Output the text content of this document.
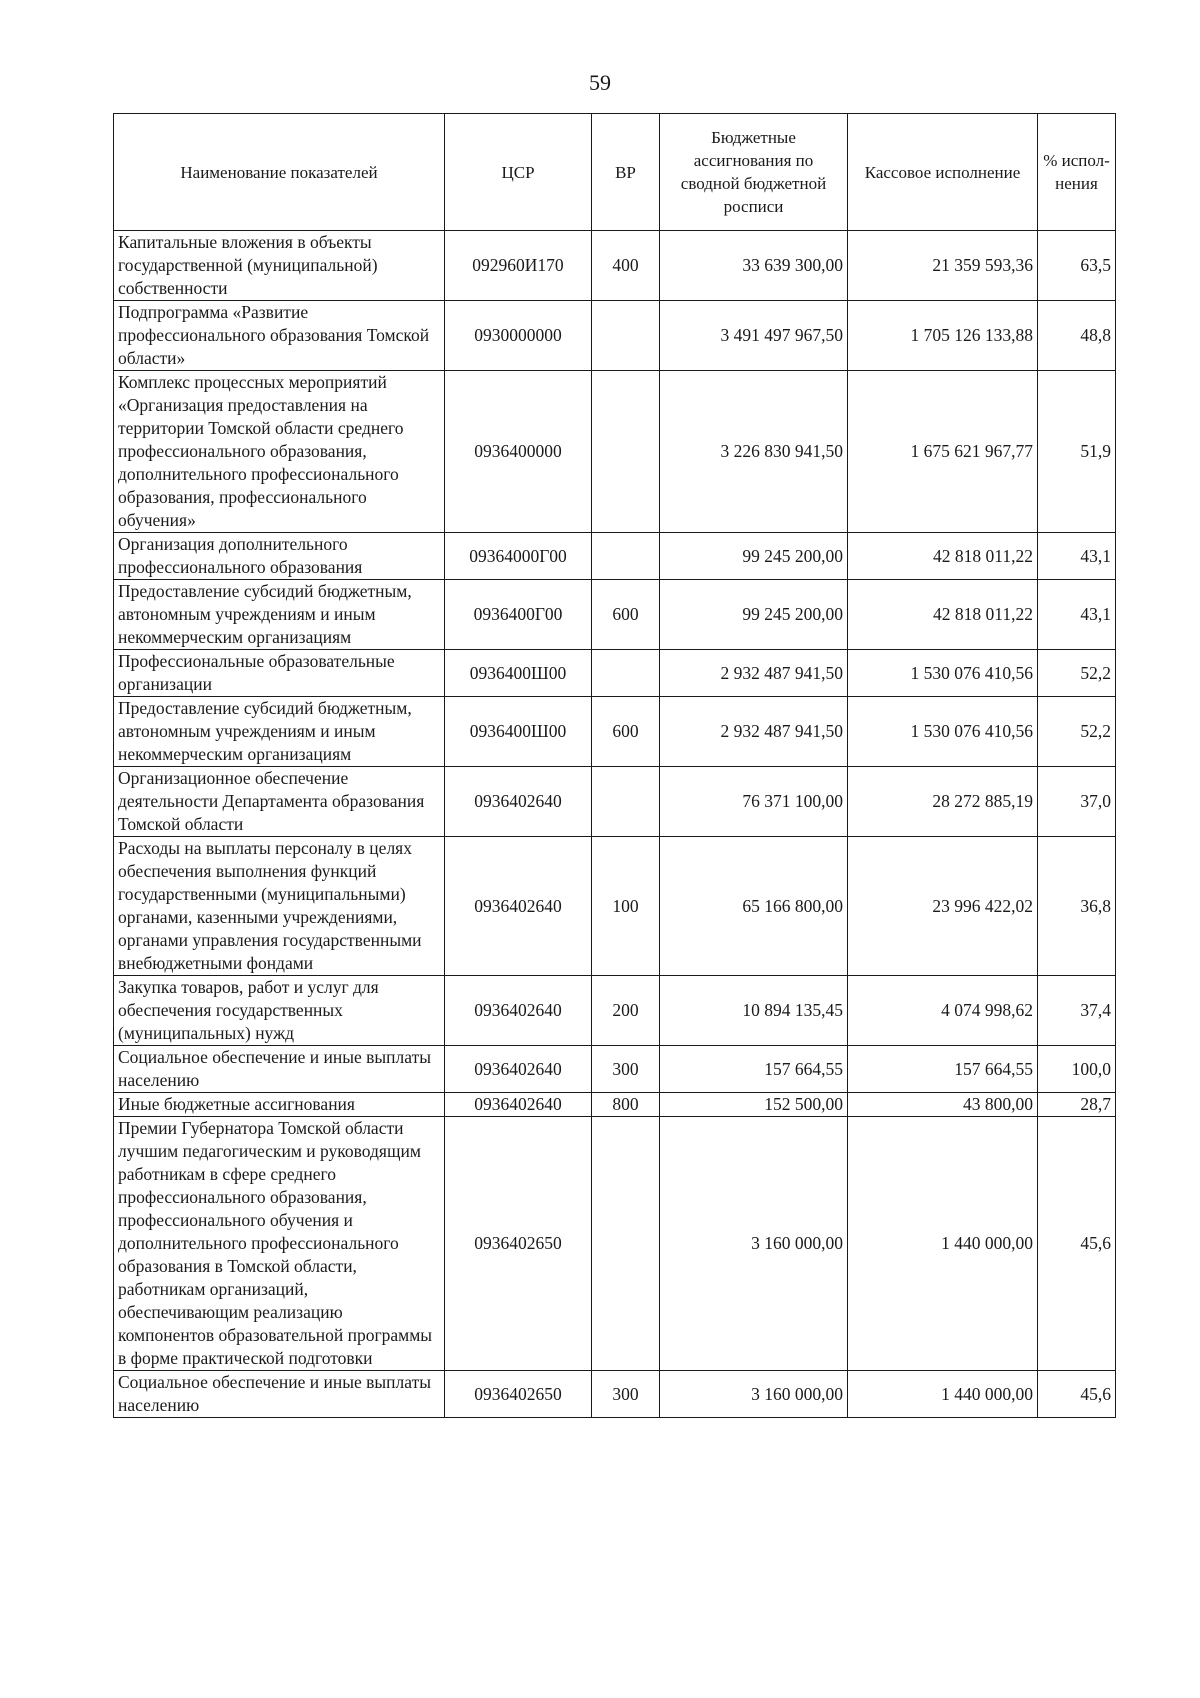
59
Наименование показателей	ЦСР	ВР	Бюджетные ассигнования по сводной бюджетной росписи	Кассовое исполнение	% испол-нения
Капитальные вложения в объекты государственной (муниципальной) собственности	092960И170	400	33 639 300,00	21 359 593,36	63,5
Подпрограмма «Развитие профессионального образования Томской области»	0930000000		3 491 497 967,50	1 705 126 133,88	48,8
Комплекс процессных мероприятий «Организация предоставления на территории Томской области среднего профессионального образования, дополнительного профессионального образования, профессионального обучения»	0936400000		3 226 830 941,50	1 675 621 967,77	51,9
Организация дополнительного профессионального образования	09364000Г00		99 245 200,00	42 818 011,22	43,1
Предоставление субсидий бюджетным, автономным учреждениям и иным некоммерческим организациям	0936400Г00	600	99 245 200,00	42 818 011,22	43,1
Профессиональные образовательные организации	0936400Ш00		2 932 487 941,50	1 530 076 410,56	52,2
Предоставление субсидий бюджетным, автономным учреждениям и иным некоммерческим организациям	0936400Ш00	600	2 932 487 941,50	1 530 076 410,56	52,2
Организационное обеспечение деятельности Департамента образования Томской области	0936402640		76 371 100,00	28 272 885,19	37,0
Расходы на выплаты персоналу в целях обеспечения выполнения функций государственными (муниципальными) органами, казенными учреждениями, органами управления государственными внебюджетными фондами	0936402640	100	65 166 800,00	23 996 422,02	36,8
Закупка товаров, работ и услуг для обеспечения государственных (муниципальных) нужд	0936402640	200	10 894 135,45	4 074 998,62	37,4
Социальное обеспечение и иные выплаты населению	0936402640	300	157 664,55	157 664,55	100,0
Иные бюджетные ассигнования	0936402640	800	152 500,00	43 800,00	28,7
Премии Губернатора Томской области лучшим педагогическим и руководящим работникам в сфере среднего профессионального образования, профессионального обучения и дополнительного профессионального образования в Томской области, работникам организаций, обеспечивающим реализацию компонентов образовательной программы в форме практической подготовки	0936402650		3 160 000,00	1 440 000,00	45,6
Социальное обеспечение и иные выплаты населению	0936402650	300	3 160 000,00	1 440 000,00	45,6
